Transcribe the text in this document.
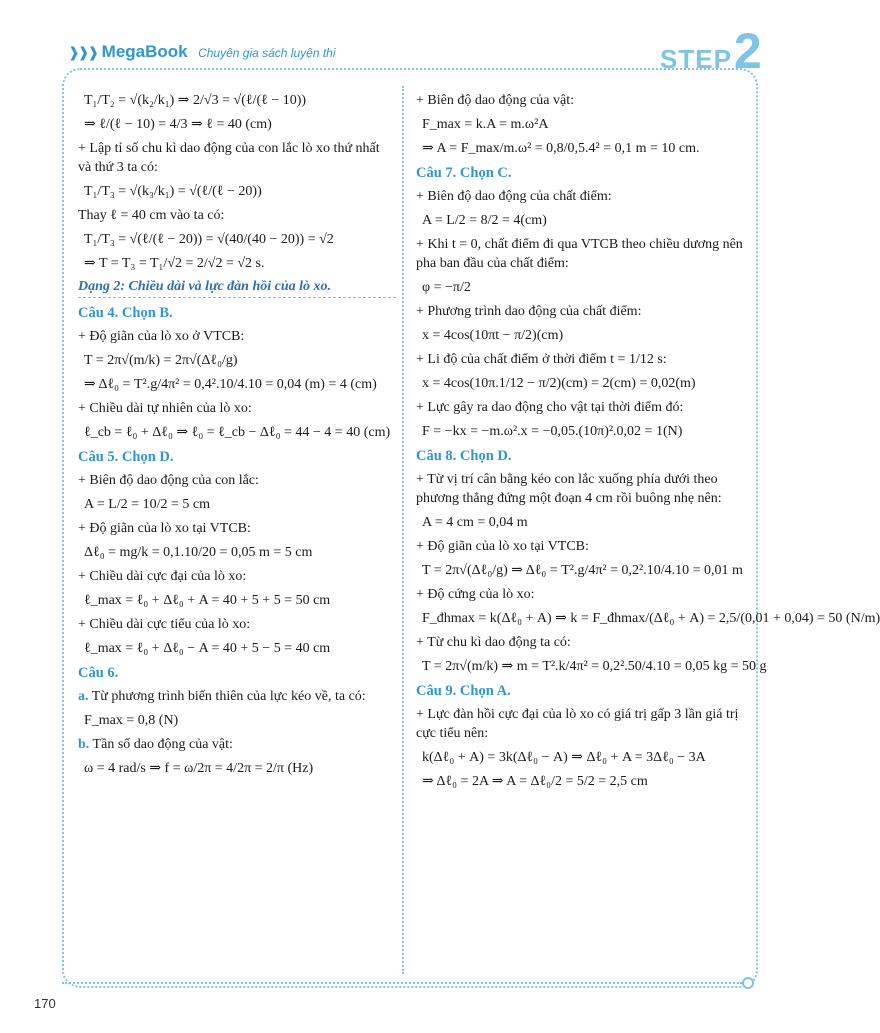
❱❱❱ MegaBook Chuyên gia sách luyện thi	STEP2
T₁/T₂ = √(k₂/k₁) ⇒ 2/√3 = √(ℓ/(ℓ − 10))
⇒ ℓ/(ℓ − 10) = 4/3 ⇒ ℓ = 40 (cm)
+ Lập tỉ số chu kì dao động của con lắc lò xo thứ nhất và thứ 3 ta có:
T₁/T₃ = √(k₃/k₁) = √(ℓ/(ℓ − 20))
Thay ℓ = 40 cm vào ta có:
T₁/T₃ = √(ℓ/(ℓ − 20)) = √(40/(40 − 20)) = √2
⇒ T = T₃ = T₁/√2 = 2/√2 = √2 s.
Dạng 2: Chiều dài và lực đàn hồi của lò xo.
Câu 4. Chọn B.
+ Độ giãn của lò xo ở VTCB:
T = 2π√(m/k) = 2π√(Δℓ₀/g)
⇒ Δℓ₀ = T².g/4π² = 0,4².10/4.10 = 0,04 (m) = 4 (cm)
+ Chiều dài tự nhiên của lò xo:
ℓ_cb = ℓ₀ + Δℓ₀ ⇒ ℓ₀ = ℓ_cb − Δℓ₀ = 44 − 4 = 40 (cm)
Câu 5. Chọn D.
+ Biên độ dao động của con lắc:
A = L/2 = 10/2 = 5 cm
+ Độ giãn của lò xo tại VTCB:
Δℓ₀ = mg/k = 0,1.10/20 = 0,05 m = 5 cm
+ Chiều dài cực đại của lò xo:
ℓ_max = ℓ₀ + Δℓ₀ + A = 40 + 5 + 5 = 50 cm
+ Chiều dài cực tiểu của lò xo:
ℓ_max = ℓ₀ + Δℓ₀ − A = 40 + 5 − 5 = 40 cm
Câu 6.
a. Từ phương trình biến thiên của lực kéo về, ta có:
F_max = 0,8 (N)
b. Tần số dao động của vật:
ω = 4 rad/s ⇒ f = ω/2π = 4/2π = 2/π (Hz)
+ Biên độ dao động của vật:
F_max = k.A = m.ω²A
⇒ A = F_max/m.ω² = 0,8/0,5.4² = 0,1 m = 10 cm.
Câu 7. Chọn C.
+ Biên độ dao động của chất điểm:
A = L/2 = 8/2 = 4(cm)
+ Khi t = 0, chất điểm đi qua VTCB theo chiều dương nên pha ban đầu của chất điểm:
φ = −π/2
+ Phương trình dao động của chất điểm:
x = 4cos(10πt − π/2)(cm)
+ Li độ của chất điểm ở thời điểm t = 1/12 s:
x = 4cos(10π.1/12 − π/2)(cm) = 2(cm) = 0,02(m)
+ Lực gây ra dao động cho vật tại thời điểm đó:
F = −kx = −m.ω².x = −0,05.(10π)².0,02 = 1(N)
Câu 8. Chọn D.
+ Từ vị trí cân bằng kéo con lắc xuống phía dưới theo phương thẳng đứng một đoạn 4 cm rồi buông nhẹ nên:
A = 4 cm = 0,04 m
+ Độ giãn của lò xo tại VTCB:
T = 2π√(Δℓ₀/g) ⇒ Δℓ₀ = T².g/4π² = 0,2².10/4.10 = 0,01 m
+ Độ cứng của lò xo:
F_đhmax = k(Δℓ₀ + A) ⇒ k = F_đhmax/(Δℓ₀ + A) = 2,5/(0,01 + 0,04) = 50 (N/m)
+ Từ chu kì dao động ta có:
T = 2π√(m/k) ⇒ m = T².k/4π² = 0,2².50/4.10 = 0,05 kg = 50 g
Câu 9. Chọn A.
+ Lực đàn hồi cực đại của lò xo có giá trị gấp 3 lần giá trị cực tiểu nên:
k(Δℓ₀ + A) = 3k(Δℓ₀ − A) ⇒ Δℓ₀ + A = 3Δℓ₀ − 3A
⇒ Δℓ₀ = 2A ⇒ A = Δℓ₀/2 = 5/2 = 2,5 cm
170
